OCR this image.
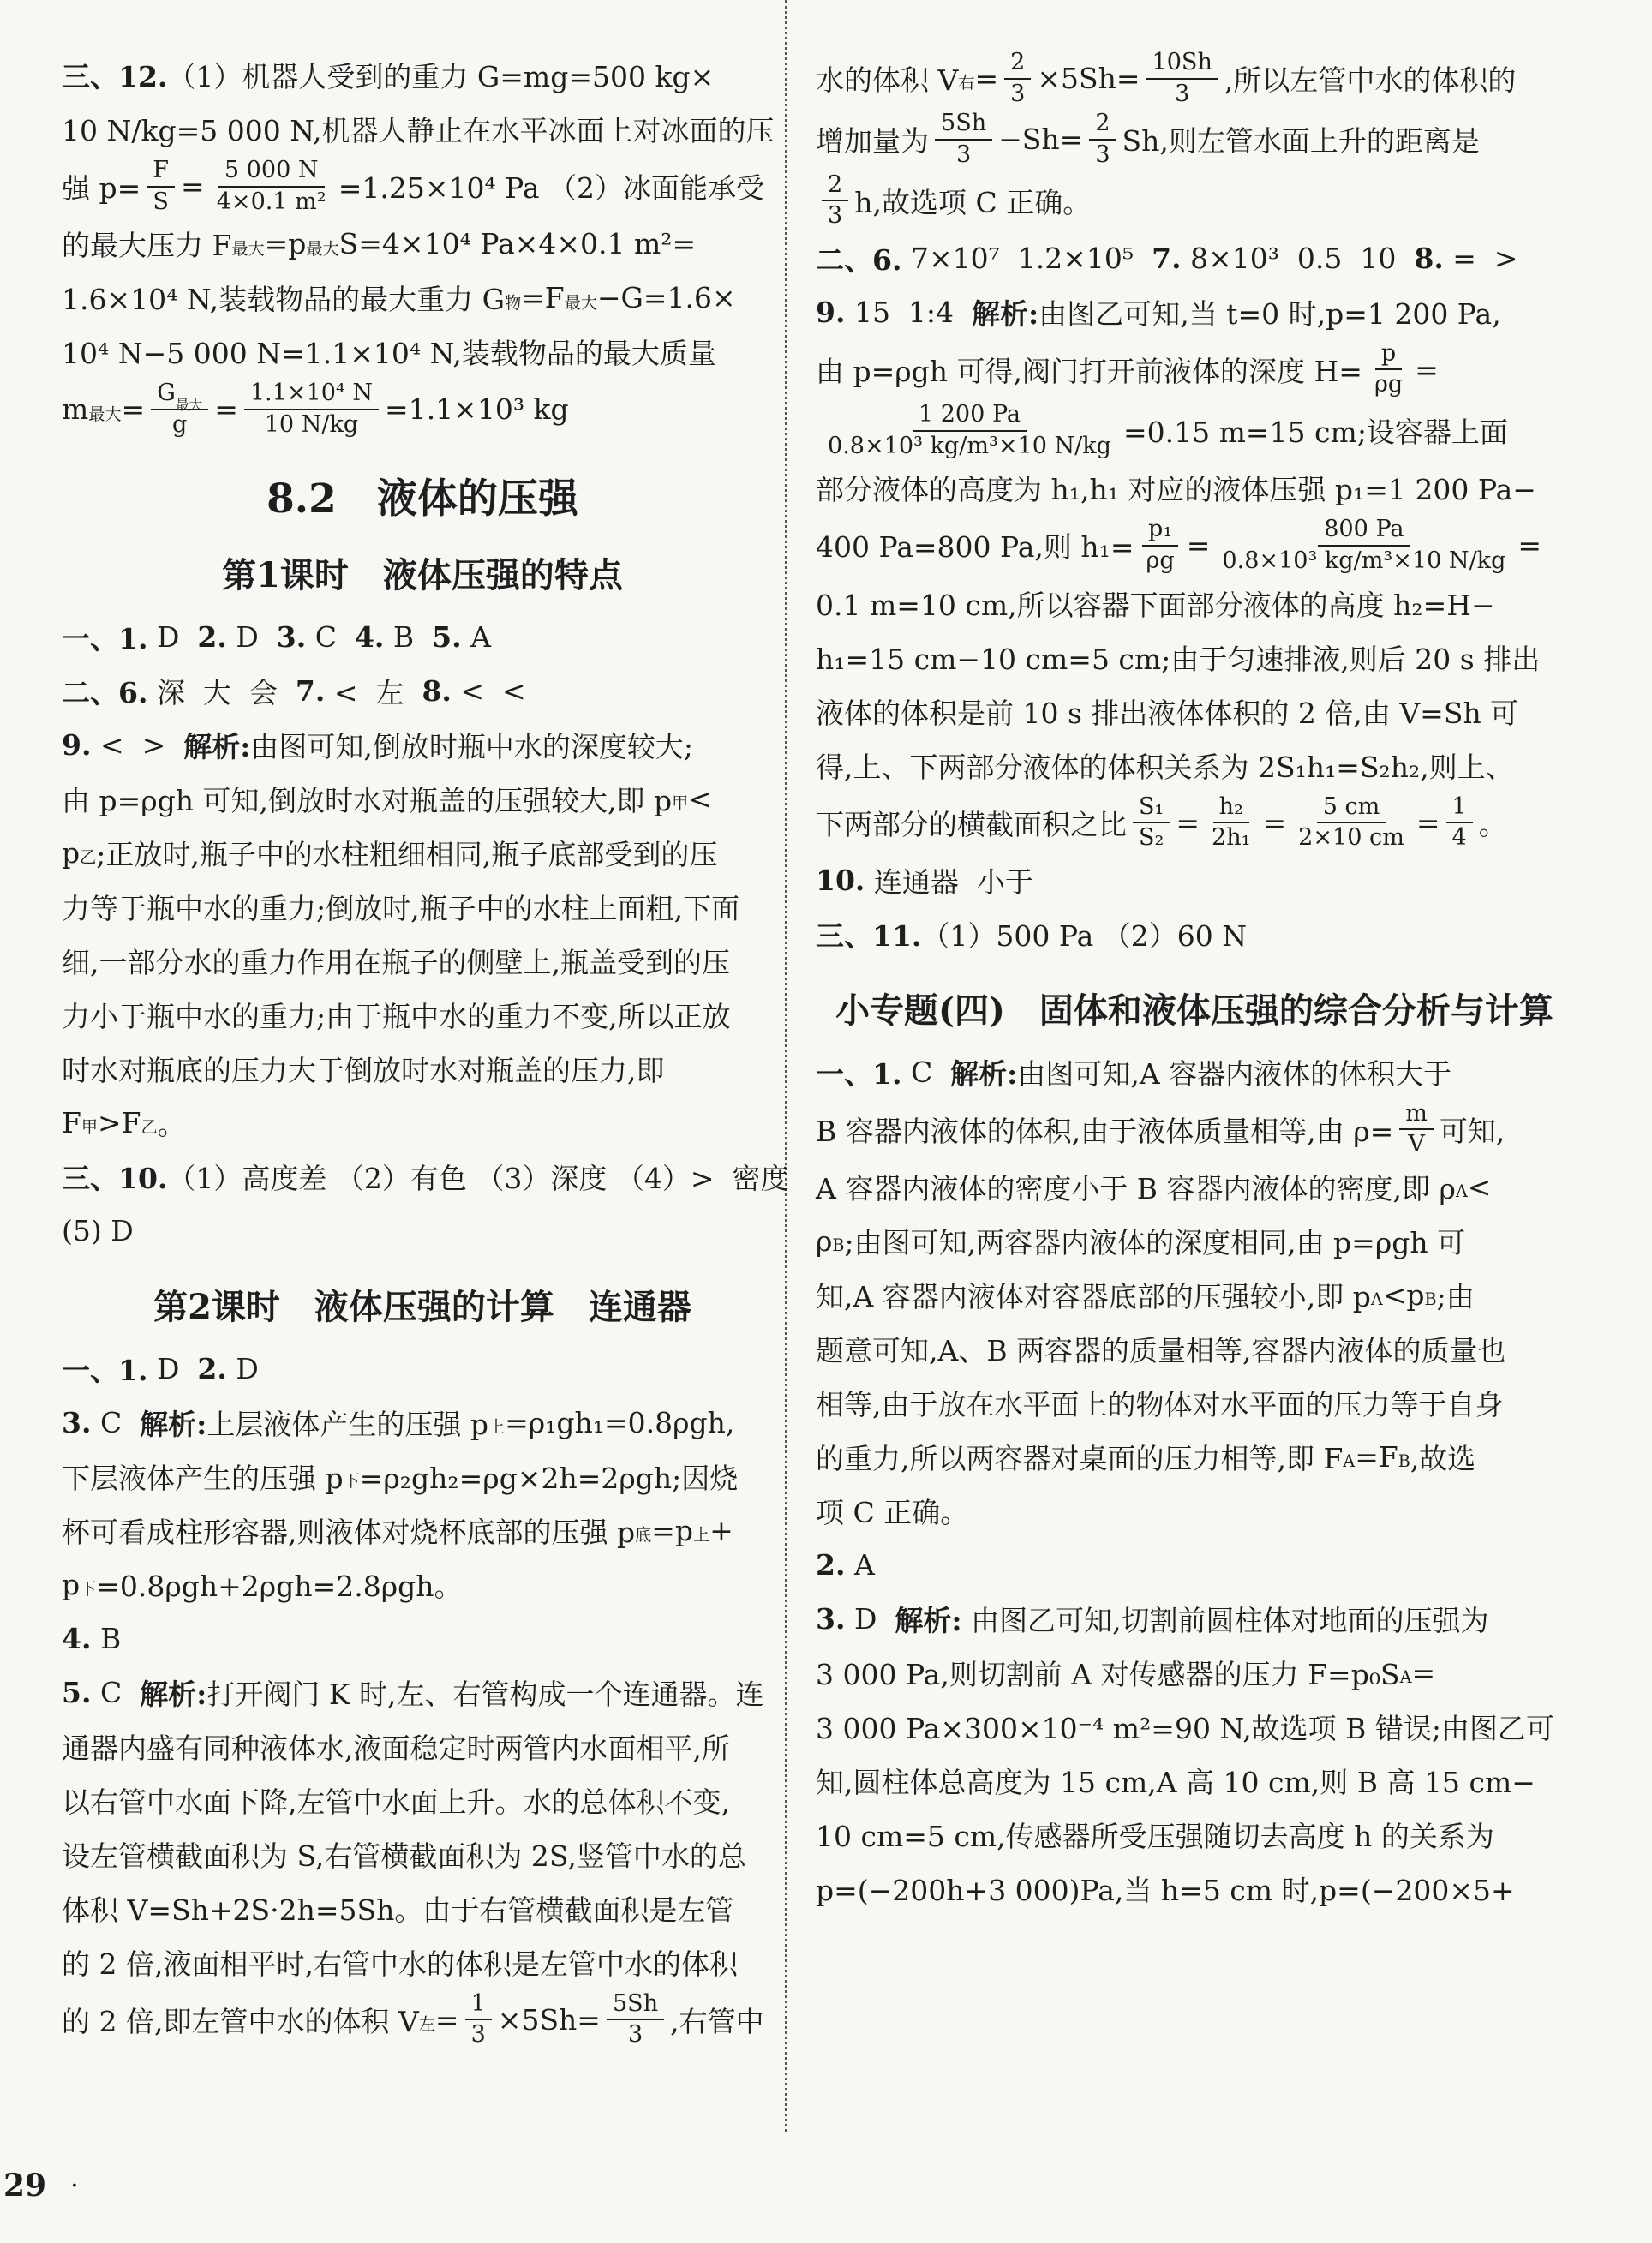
三、12. （1）机器人受到的重力 G=mg=500 kg×
10 N/kg=5 000 N,机器人静止在水平冰面上对冰面的压
强 $p= \frac{F}{S} = \frac{5 000 N}{\text{4×0.1 m²}} =1.25\times 10^4$ Pa （2）冰面能承受
的最大压力 $F_{最大} =p_{最大}$ S=4×10⁴ Pa×4×0.1 m²=
1.6×10⁴ N,装载物品的最大重力 $G_物 =F_{最大} -G=1.6\times$
10⁴ N−5 000 N=1.1×10⁴ N,装载物品的最大质量
$m_{最大} = \frac{G_{最大}}{g} = \frac{\text{1.1×10⁴ N}}{10 N/kg} =1.1\times 10^3$ kg
8.2　液体的压强
第1课时　液体压强的特点
一、1. D 2. D 3. C 4. B 5. A
二、6. 深  大  会 7. <  左 8. <  <
9. <  > 解析: 由图可知,倒放时瓶中水的深度较大;
由 p=ρgh 可知,倒放时水对瓶盖的压强较大,即 $p_甲$ <
$p_乙$ ;正放时,瓶子中的水柱粗细相同,瓶子底部受到的压
力等于瓶中水的重力;倒放时,瓶子中的水柱上面粗,下面
细,一部分水的重力作用在瓶子的侧壁上,瓶盖受到的压
力小于瓶中水的重力;由于瓶中水的重力不变,所以正放
时水对瓶底的压力大于倒放时水对瓶盖的压力,即
$F_甲 >F_乙$ 。
三、10. （1）高度差 （2）有色 （3）深度 （4）>  密度
(5) D
第2课时　液体压强的计算　连通器
一、1. D 2. D
3. C 解析: 上层液体产生的压强 $p_上 =\rho_1gh_1=0.8\rho gh$,
下层液体产生的压强 $p_下 =\rho_2gh_2=\rho g\times 2h=2\rho gh$;因烧
杯可看成柱形容器,则液体对烧杯底部的压强 $p_底 =p_上$ +
$p_下 =0.8\rho gh+2\rho gh=2.8\rho gh$。
4. B
5. C 解析: 打开阀门 K 时,左、右管构成一个连通器。连
通器内盛有同种液体水,液面稳定时两管内水面相平,所
以右管中水面下降,左管中水面上升。水的总体积不变,
设左管横截面积为 S,右管横截面积为 2S,竖管中水的总
体积 V=Sh+2S·2h=5Sh。由于右管横截面积是左管
的 2 倍,液面相平时,右管中水的体积是左管中水的体积
的 2 倍,即左管中水的体积 $V_左 = \frac{1}{3} \times 5Sh= \frac{5Sh}{3}$ ,右管中
水的体积 $V_右 = \frac{2}{3} \times 5Sh= \frac{10Sh}{3}$ ,所以左管中水的体积的
增加量为 $\frac{5Sh}{3} -Sh= \frac{2}{3} Sh$,则左管水面上升的距离是
$\frac{2}{3} h$,故选项 C 正确。
二、6. 7×10⁷  1.2×10⁵ 7. 8×10³  0.5  10 8. =  >
9. 15  1:4 解析: 由图乙可知,当 t=0 时,p=1 200 Pa,
由 p=ρgh 可得,阀门打开前液体的深度 $H= \frac{p}{\rho g}$ =
$\frac{1 200 Pa}{\text{0.8×10³ kg/m³×10 N/kg}} =0.15$ m=15 cm;设容器上面
部分液体的高度为 h₁,h₁ 对应的液体压强 p₁=1 200 Pa−
400 Pa=800 Pa,则 $h_1= \frac{\text{p₁}}{\rho g} = \frac{800 Pa}{\text{0.8×10³ kg/m³×10 N/kg}}$ =
0.1 m=10 cm,所以容器下面部分液体的高度 h₂=H−
h₁=15 cm−10 cm=5 cm;由于匀速排液,则后 20 s 排出
液体的体积是前 10 s 排出液体体积的 2 倍,由 V=Sh 可
得,上、下两部分液体的体积关系为 2S₁h₁=S₂h₂,则上、
下两部分的横截面积之比 $\frac{\text{S₁}}{\text{S₂}} = \frac{\text{h₂}}{\text{2h₁}} = \frac{5 cm}{2\times 10 cm} = \frac{1}{4}$ 。
10. 连通器  小于
三、11. （1）500 Pa （2）60 N
小专题(四)　固体和液体压强的综合分析与计算
一、1. C 解析: 由图可知,A 容器内液体的体积大于
B 容器内液体的体积,由于液体质量相等,由 $\rho= \frac{m}{V}$ 可知,
A 容器内液体的密度小于 B 容器内液体的密度,即 $\rho_A$ <
$\rho_B$ ;由图可知,两容器内液体的深度相同,由 p=ρgh 可
知,A 容器内液体对容器底部的压强较小,即 $p_A <p_B$ ;由
题意可知,A、B 两容器的质量相等,容器内液体的质量也
相等,由于放在水平面上的物体对水平面的压力等于自身
的重力,所以两容器对桌面的压力相等,即 $F_A =F_B$ ,故选
项 C 正确。
2. A
3. D 解析: 由图乙可知,切割前圆柱体对地面的压强为
3 000 Pa,则切割前 A 对传感器的压力 $F=p_0S_A$ =
3 000 Pa×300×10⁻⁴ m²=90 N,故选项 B 错误;由图乙可
知,圆柱体总高度为 15 cm,A 高 10 cm,则 B 高 15 cm−
10 cm=5 cm,传感器所受压强随切去高度 h 的关系为
p=(−200h+3 000)Pa,当 h=5 cm 时,p=(−200×5+
29 ·
